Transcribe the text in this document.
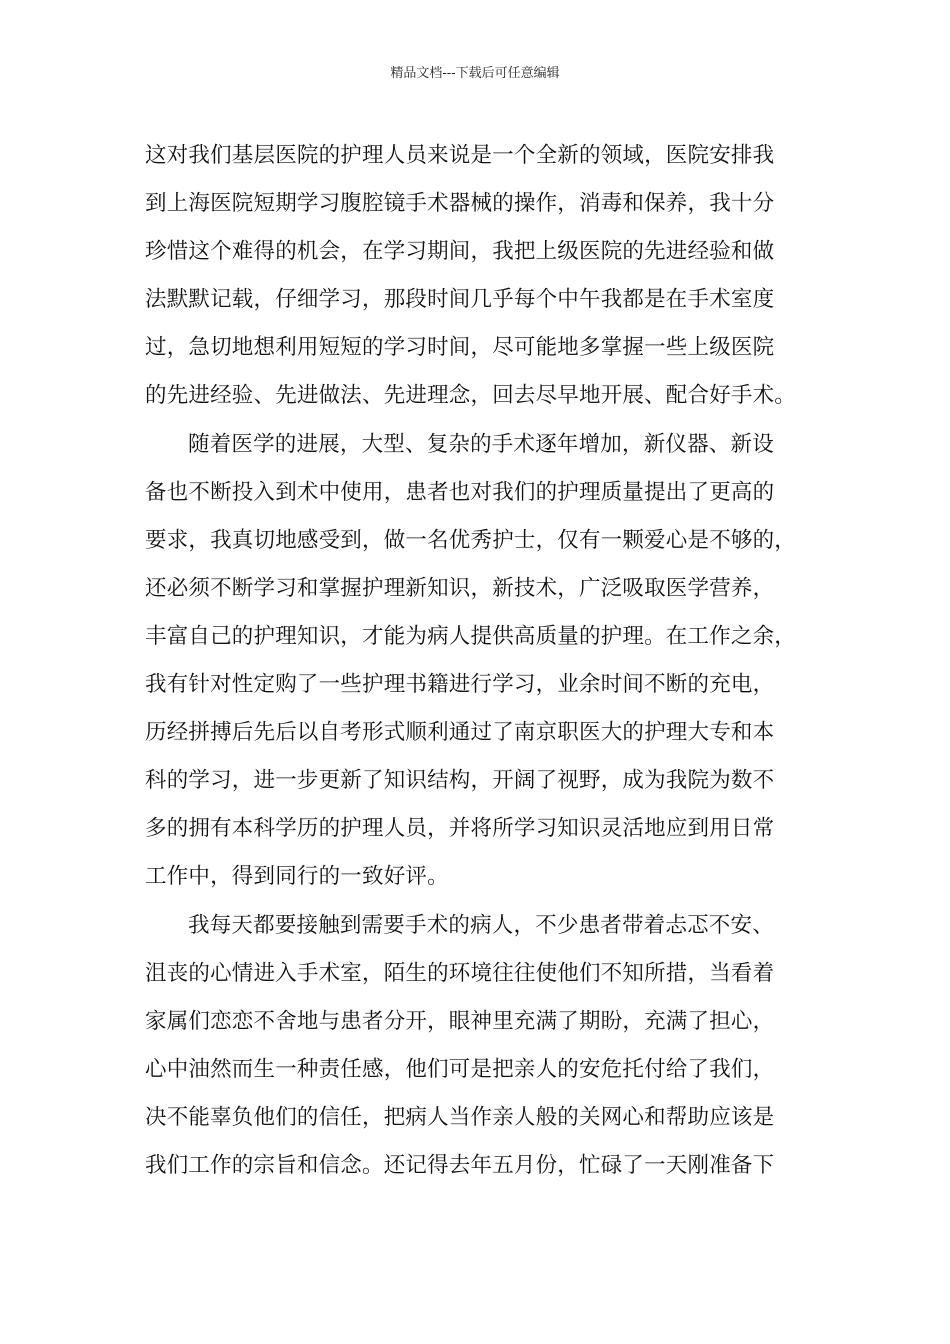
精品文档---下载后可任意编辑
这对我们基层医院的护理人员来说是一个全新的领域，医院安排我
到上海医院短期学习腹腔镜手术器械的操作，消毒和保养，我十分
珍惜这个难得的机会，在学习期间，我把上级医院的先进经验和做
法默默记载，仔细学习，那段时间几乎每个中午我都是在手术室度
过，急切地想利用短短的学习时间，尽可能地多掌握一些上级医院
的先进经验、先进做法、先进理念，回去尽早地开展、配合好手术。
随着医学的进展，大型、复杂的手术逐年增加，新仪器、新设
备也不断投入到术中使用，患者也对我们的护理质量提出了更高的
要求，我真切地感受到，做一名优秀护士，仅有一颗爱心是不够的，
还必须不断学习和掌握护理新知识，新技术，广泛吸取医学营养，
丰富自己的护理知识，才能为病人提供高质量的护理。在工作之余，
我有针对性定购了一些护理书籍进行学习，业余时间不断的充电，
历经拼搏后先后以自考形式顺利通过了南京职医大的护理大专和本
科的学习，进一步更新了知识结构，开阔了视野，成为我院为数不
多的拥有本科学历的护理人员，并将所学习知识灵活地应到用日常
工作中，得到同行的一致好评。
我每天都要接触到需要手术的病人，不少患者带着忐忑不安、
沮丧的心情进入手术室，陌生的环境往往使他们不知所措，当看着
家属们恋恋不舍地与患者分开，眼神里充满了期盼，充满了担心，
心中油然而生一种责任感，他们可是把亲人的安危托付给了我们，
决不能辜负他们的信任，把病人当作亲人般的关网心和帮助应该是
我们工作的宗旨和信念。还记得去年五月份，忙碌了一天刚准备下
